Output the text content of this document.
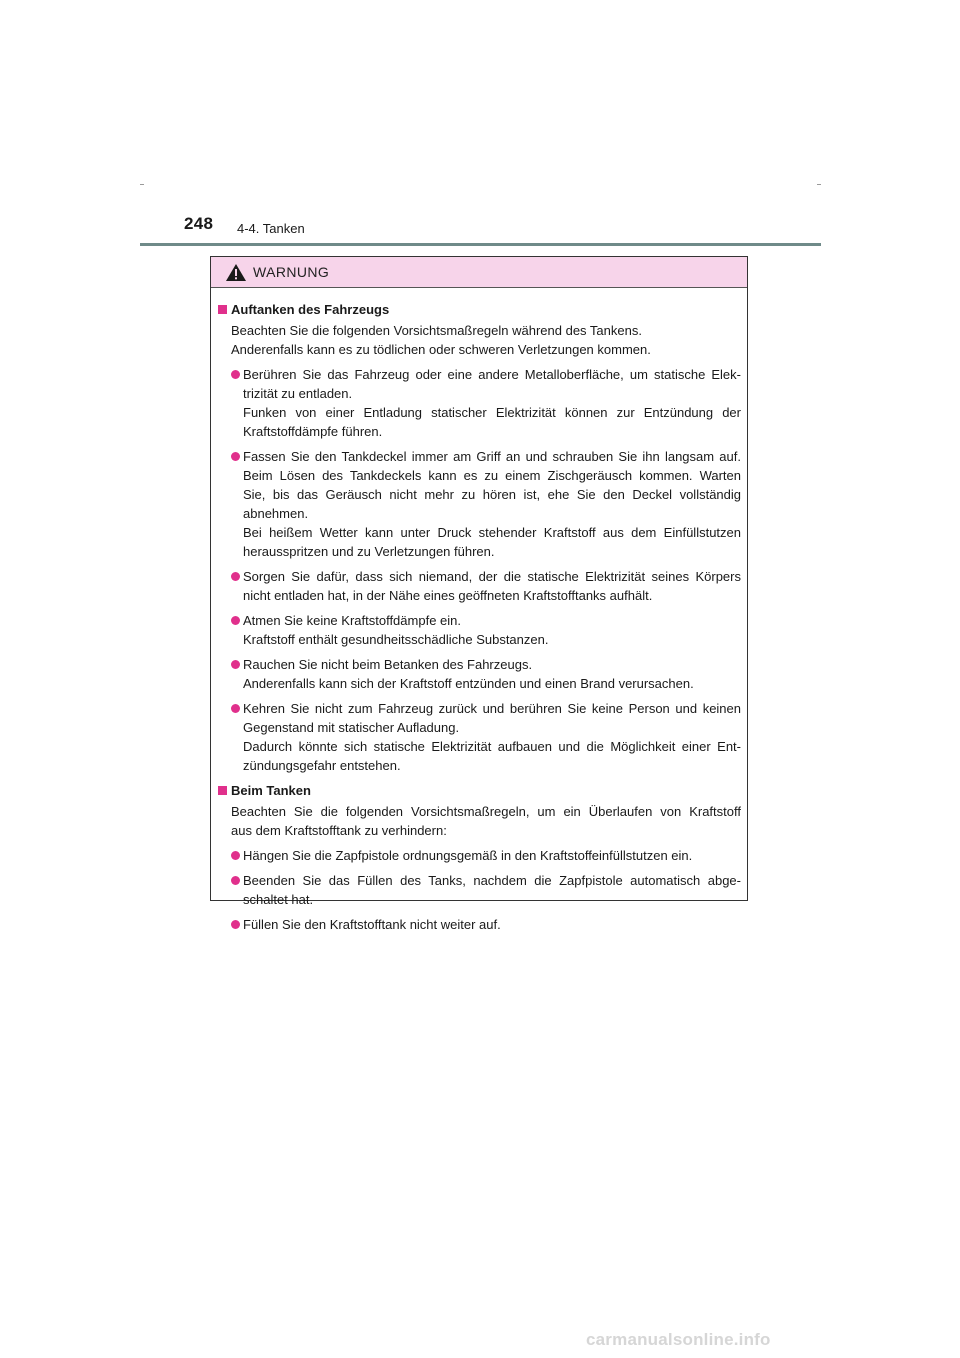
248 4-4. Tanken
WARNUNG
Auftanken des Fahrzeugs
Beachten Sie die folgenden Vorsichtsmaßregeln während des Tankens.
Anderenfalls kann es zu tödlichen oder schweren Verletzungen kommen.
Berühren Sie das Fahrzeug oder eine andere Metalloberfläche, um statische Elek-
trizität zu entladen.
Funken von einer Entladung statischer Elektrizität können zur Entzündung der
Kraftstoffdämpfe führen.
Fassen Sie den Tankdeckel immer am Griff an und schrauben Sie ihn langsam auf.
Beim Lösen des Tankdeckels kann es zu einem Zischgeräusch kommen. Warten
Sie, bis das Geräusch nicht mehr zu hören ist, ehe Sie den Deckel vollständig
abnehmen.
Bei heißem Wetter kann unter Druck stehender Kraftstoff aus dem Einfüllstutzen
herausspritzen und zu Verletzungen führen.
Sorgen Sie dafür, dass sich niemand, der die statische Elektrizität seines Körpers
nicht entladen hat, in der Nähe eines geöffneten Kraftstofftanks aufhält.
Atmen Sie keine Kraftstoffdämpfe ein.
Kraftstoff enthält gesundheitsschädliche Substanzen.
Rauchen Sie nicht beim Betanken des Fahrzeugs.
Anderenfalls kann sich der Kraftstoff entzünden und einen Brand verursachen.
Kehren Sie nicht zum Fahrzeug zurück und berühren Sie keine Person und keinen
Gegenstand mit statischer Aufladung.
Dadurch könnte sich statische Elektrizität aufbauen und die Möglichkeit einer Ent-
zündungsgefahr entstehen.
Beim Tanken
Beachten Sie die folgenden Vorsichtsmaßregeln, um ein Überlaufen von Kraftstoff
aus dem Kraftstofftank zu verhindern:
Hängen Sie die Zapfpistole ordnungsgemäß in den Kraftstoffeinfüllstutzen ein.
Beenden Sie das Füllen des Tanks, nachdem die Zapfpistole automatisch abge-
schaltet hat.
Füllen Sie den Kraftstofftank nicht weiter auf.
carmanualsonline.info
